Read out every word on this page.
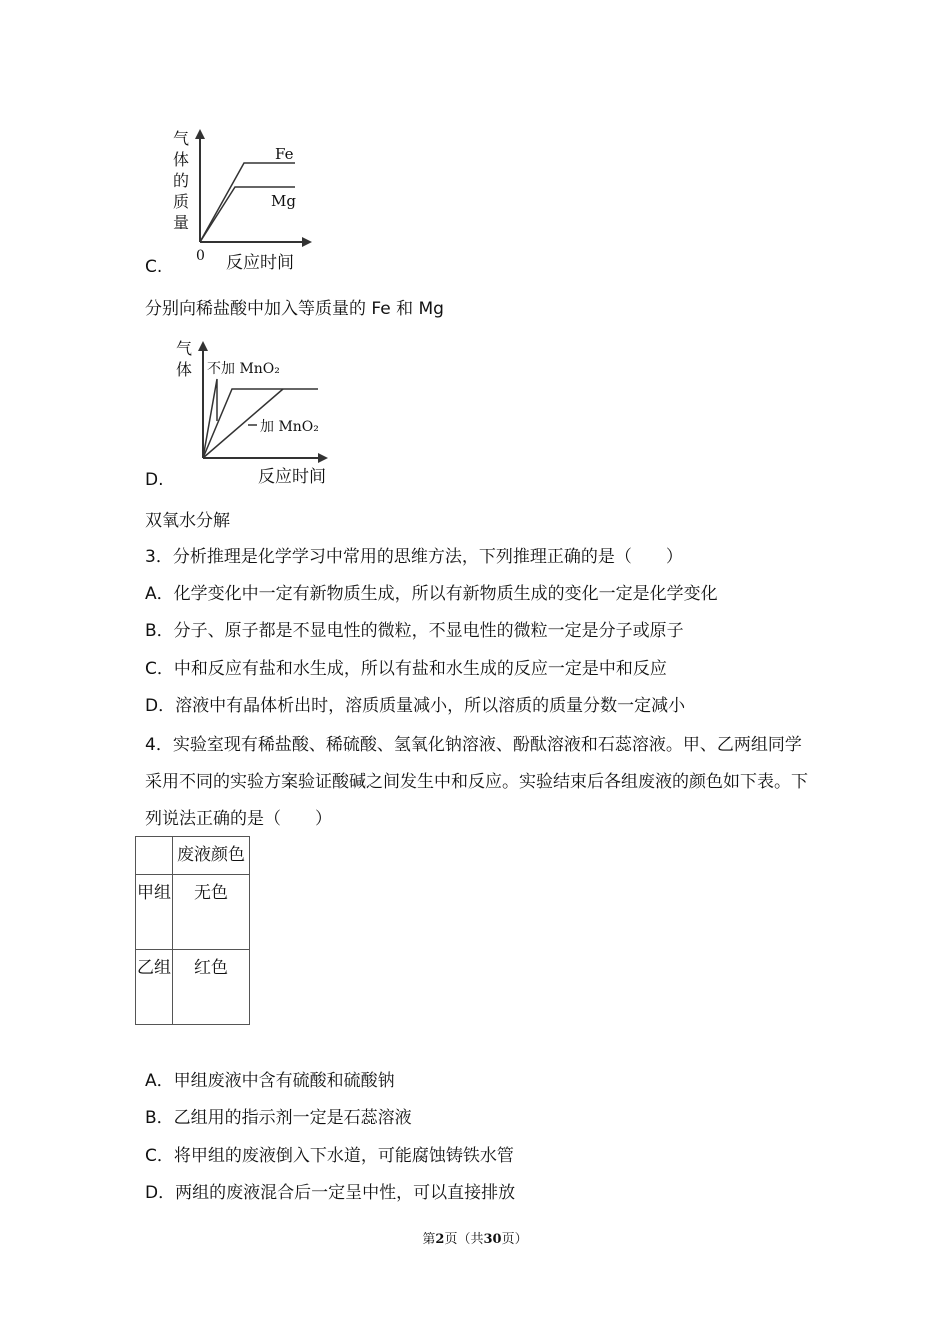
气
体
的
质
量
Fe
Mg
0 反应时间
C.
分别向稀盐酸中加入等质量的 Fe 和 Mg
气
体 不加 MnO₂
加 MnO₂
反应时间
D.
双氧水分解
3．分析推理是化学学习中常用的思维方法，下列推理正确的是（　　）
A．化学变化中一定有新物质生成，所以有新物质生成的变化一定是化学变化
B．分子、原子都是不显电性的微粒，不显电性的微粒一定是分子或原子
C．中和反应有盐和水生成，所以有盐和水生成的反应一定是中和反应
D．溶液中有晶体析出时，溶质质量减小，所以溶质的质量分数一定减小
4．实验室现有稀盐酸、稀硫酸、氢氧化钠溶液、酚酞溶液和石蕊溶液。甲、乙两组同学采用不同的实验方案验证酸碱之间发生中和反应。实验结束后各组废液的颜色如下表。下列说法正确的是（　　）
	废液颜色
甲组	无色
乙组	红色
A．甲组废液中含有硫酸和硫酸钠
B．乙组用的指示剂一定是石蕊溶液
C．将甲组的废液倒入下水道，可能腐蚀铸铁水管
D．两组的废液混合后一定呈中性，可以直接排放
第2页（共30页）
